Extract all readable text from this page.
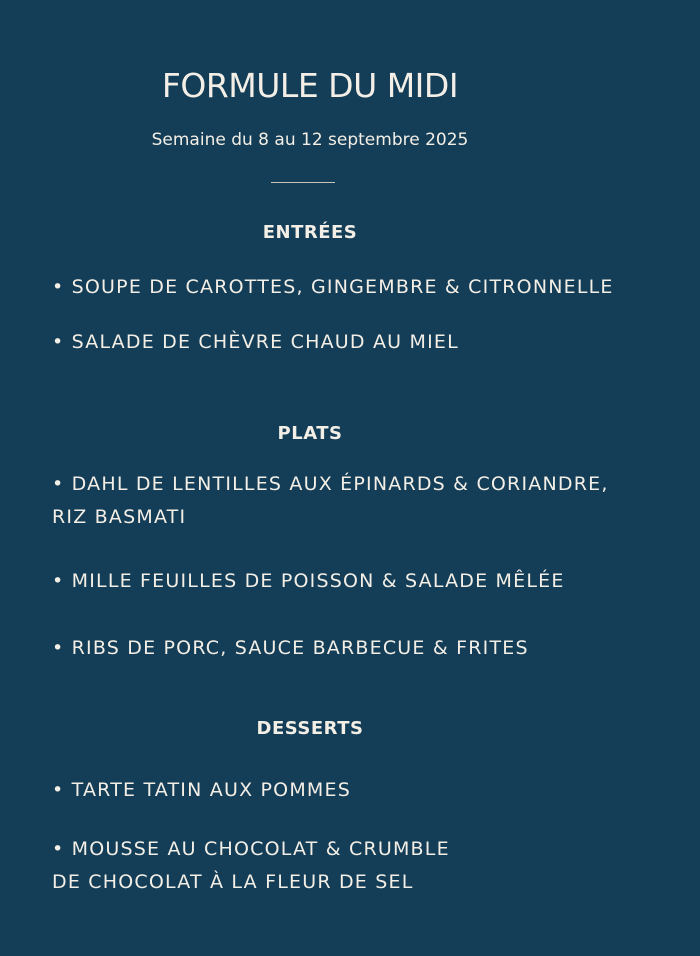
FORMULE DU MIDI
Semaine du 8 au 12 septembre 2025
ENTRÉES
• SOUPE DE CAROTTES, GINGEMBRE & CITRONNELLE
• SALADE DE CHÈVRE CHAUD AU MIEL
PLATS
• DAHL DE LENTILLES AUX ÉPINARDS & CORIANDRE,
RIZ BASMATI
• MILLE FEUILLES DE POISSON & SALADE MÊLÉE
• RIBS DE PORC, SAUCE BARBECUE & FRITES
DESSERTS
• TARTE TATIN AUX POMMES
• MOUSSE AU CHOCOLAT & CRUMBLE
DE CHOCOLAT À LA FLEUR DE SEL
